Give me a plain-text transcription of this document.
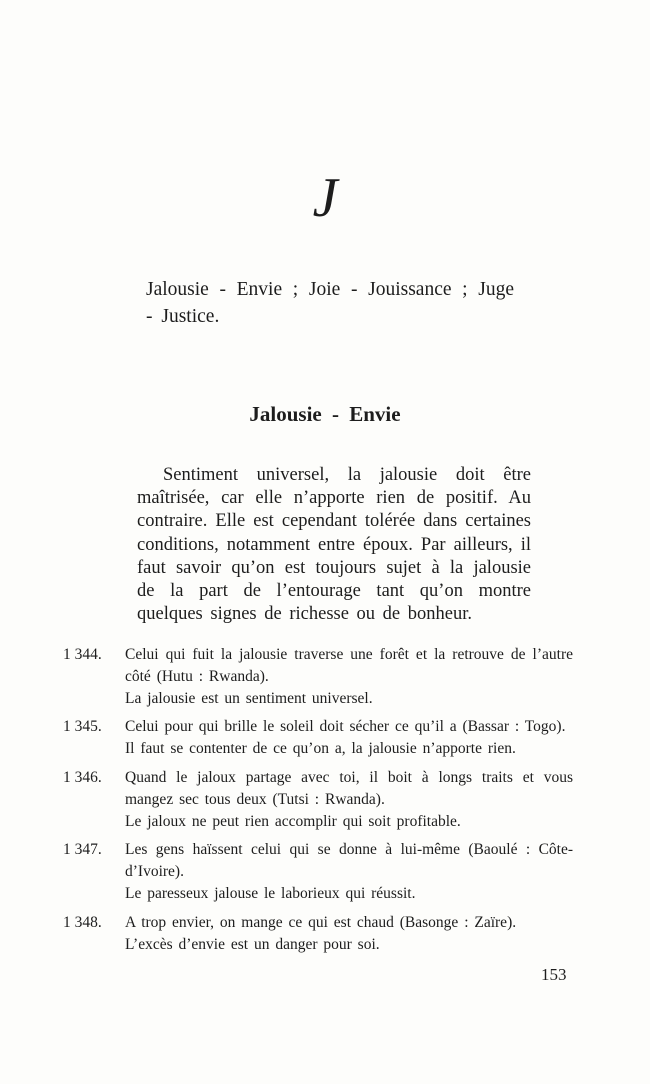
J
Jalousie - Envie ; Joie - Jouissance ; Juge - Justice.
Jalousie - Envie
Sentiment universel, la jalousie doit être maîtrisée, car elle n’apporte rien de positif. Au contraire. Elle est cependant tolérée dans certaines conditions, notamment entre époux. Par ailleurs, il faut savoir qu’on est toujours sujet à la jalousie de la part de l’entourage tant qu’on montre quelques signes de richesse ou de bonheur.
1 344.	Celui qui fuit la jalousie traverse une forêt et la retrouve de l’autre côté (Hutu : Rwanda).
La jalousie est un sentiment universel.
1 345.	Celui pour qui brille le soleil doit sécher ce qu’il a (Bassar : Togo).
Il faut se contenter de ce qu’on a, la jalousie n’apporte rien.
1 346.	Quand le jaloux partage avec toi, il boit à longs traits et vous mangez sec tous deux (Tutsi : Rwanda).
Le jaloux ne peut rien accomplir qui soit profitable.
1 347.	Les gens haïssent celui qui se donne à lui-même (Baoulé : Côte-d’Ivoire).
Le paresseux jalouse le laborieux qui réussit.
1 348.	A trop envier, on mange ce qui est chaud (Basonge : Zaïre).
L’excès d’envie est un danger pour soi.
153
